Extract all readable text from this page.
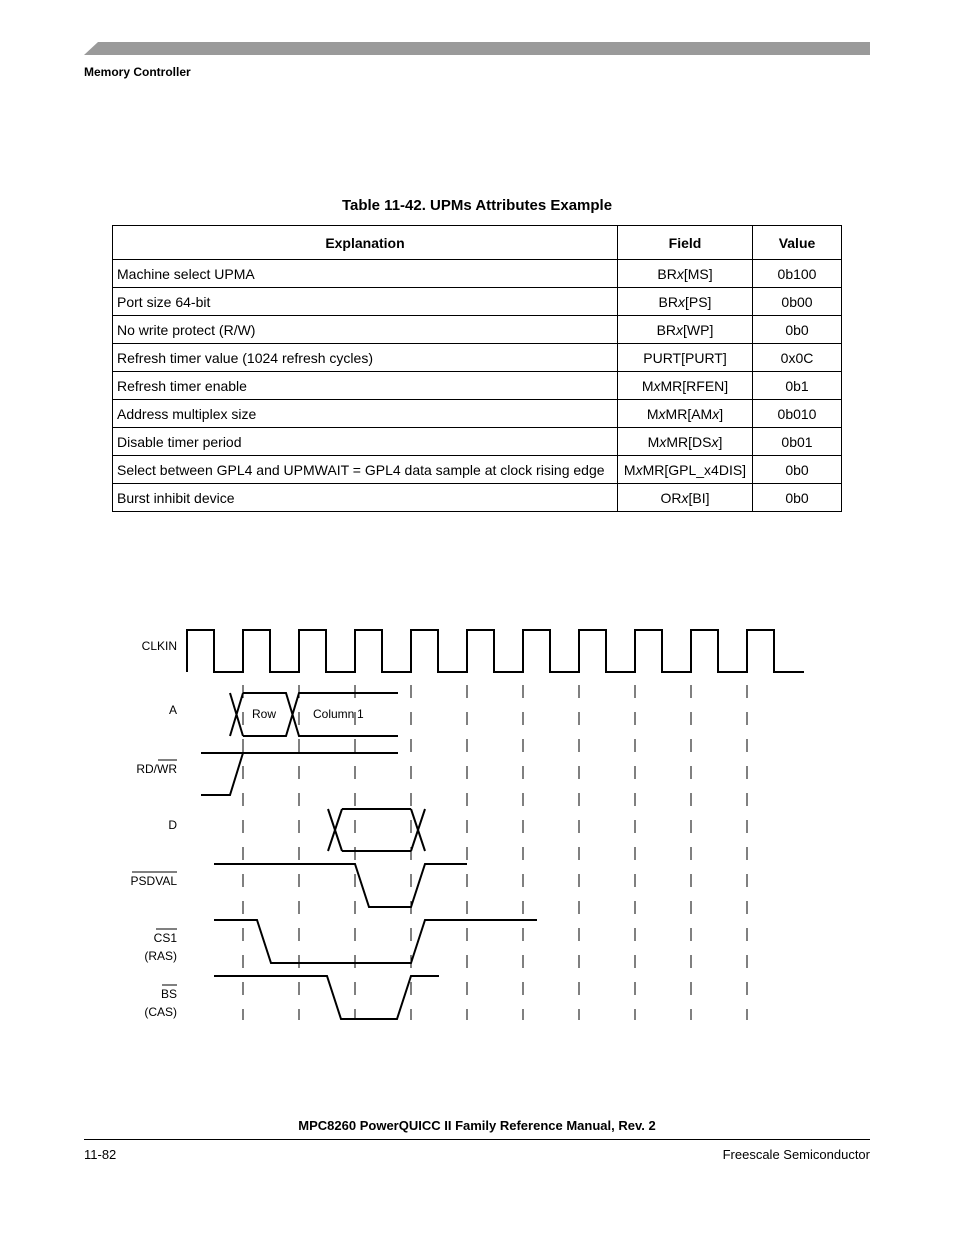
Memory Controller
Table 11-42. UPMs Attributes Example
Explanation	Field	Value
Machine select UPMA	BRx[MS]	0b100
Port size 64-bit	BRx[PS]	0b00
No write protect (R/W)	BRx[WP]	0b0
Refresh timer value (1024 refresh cycles)	PURT[PURT]	0x0C
Refresh timer enable	MxMR[RFEN]	0b1
Address multiplex size	MxMR[AMx]	0b010
Disable timer period	MxMR[DSx]	0b01
Select between GPL4 and UPMWAIT = GPL4 data sample at clock rising edge	MxMR[GPL_x4DIS]	0b0
Burst inhibit device	ORx[BI]	0b0
CLKIN
A
RD/WR
D
PSDVAL
CS1
(RAS)
BS
(CAS)
Row	Column 1
MPC8260 PowerQUICC II Family Reference Manual, Rev. 2
11-82	Freescale Semiconductor
